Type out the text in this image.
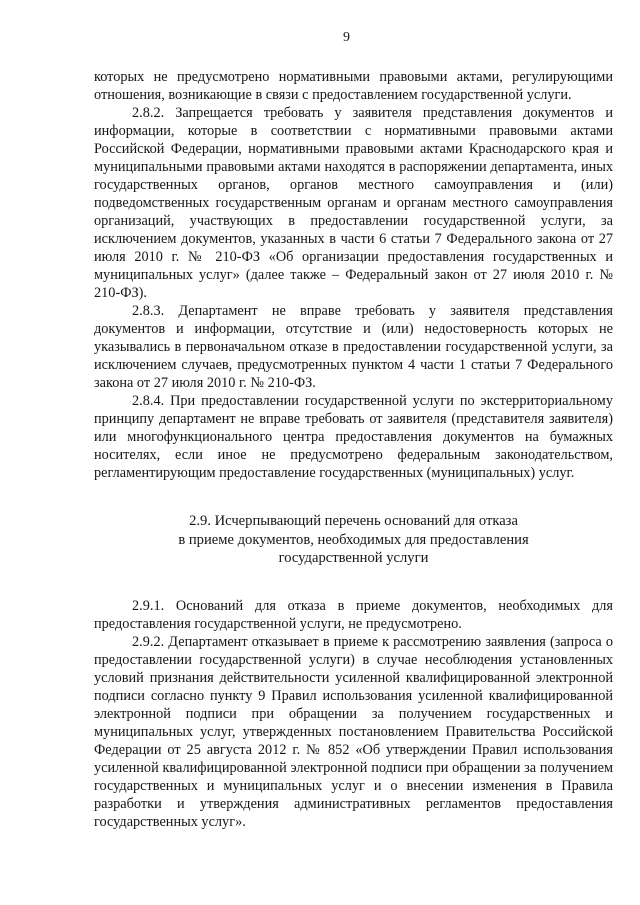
9

которых не предусмотрено нормативными правовыми актами, регулирующими отношения, возникающие в связи с предоставлением государственной услуги.

2.8.2. Запрещается требовать у заявителя представления документов и информации, которые в соответствии с нормативными правовыми актами Российской Федерации, нормативными правовыми актами Краснодарского края и муниципальными правовыми актами находятся в распоряжении департамента, иных государственных органов, органов местного самоуправления и (или) подведомственных государственным органам и органам местного самоуправления организаций, участвующих в предоставлении государственной услуги, за исключением документов, указанных в части 6 статьи 7 Федерального закона от 27 июля 2010 г. № 210-ФЗ «Об организации предоставления государственных и муниципальных услуг» (далее также – Федеральный закон от 27 июля 2010 г. № 210-ФЗ).

2.8.3. Департамент не вправе требовать у заявителя представления документов и информации, отсутствие и (или) недостоверность которых не указывались в первоначальном отказе в предоставлении государственной услуги, за исключением случаев, предусмотренных пунктом 4 части 1 статьи 7 Федерального закона от 27 июля 2010 г. № 210-ФЗ.

2.8.4. При предоставлении государственной услуги по экстерриториальному принципу департамент не вправе требовать от заявителя (представителя заявителя) или многофункционального центра предоставления документов на бумажных носителях, если иное не предусмотрено федеральным законодательством, регламентирующим предоставление государственных (муниципальных) услуг.

2.9. Исчерпывающий перечень оснований для отказа
в приеме документов, необходимых для предоставления
государственной услуги

2.9.1. Оснований для отказа в приеме документов, необходимых для предоставления государственной услуги, не предусмотрено.

2.9.2. Департамент отказывает в приеме к рассмотрению заявления (запроса о предоставлении государственной услуги) в случае несоблюдения установленных условий признания действительности усиленной квалифицированной электронной подписи согласно пункту 9 Правил использования усиленной квалифицированной электронной подписи при обращении за получением государственных и муниципальных услуг, утвержденных постановлением Правительства Российской Федерации от 25 августа 2012 г. № 852 «Об утверждении Правил использования усиленной квалифицированной электронной подписи при обращении за получением государственных и муниципальных услуг и о внесении изменения в Правила разработки и утверждения административных регламентов предоставления государственных услуг».
